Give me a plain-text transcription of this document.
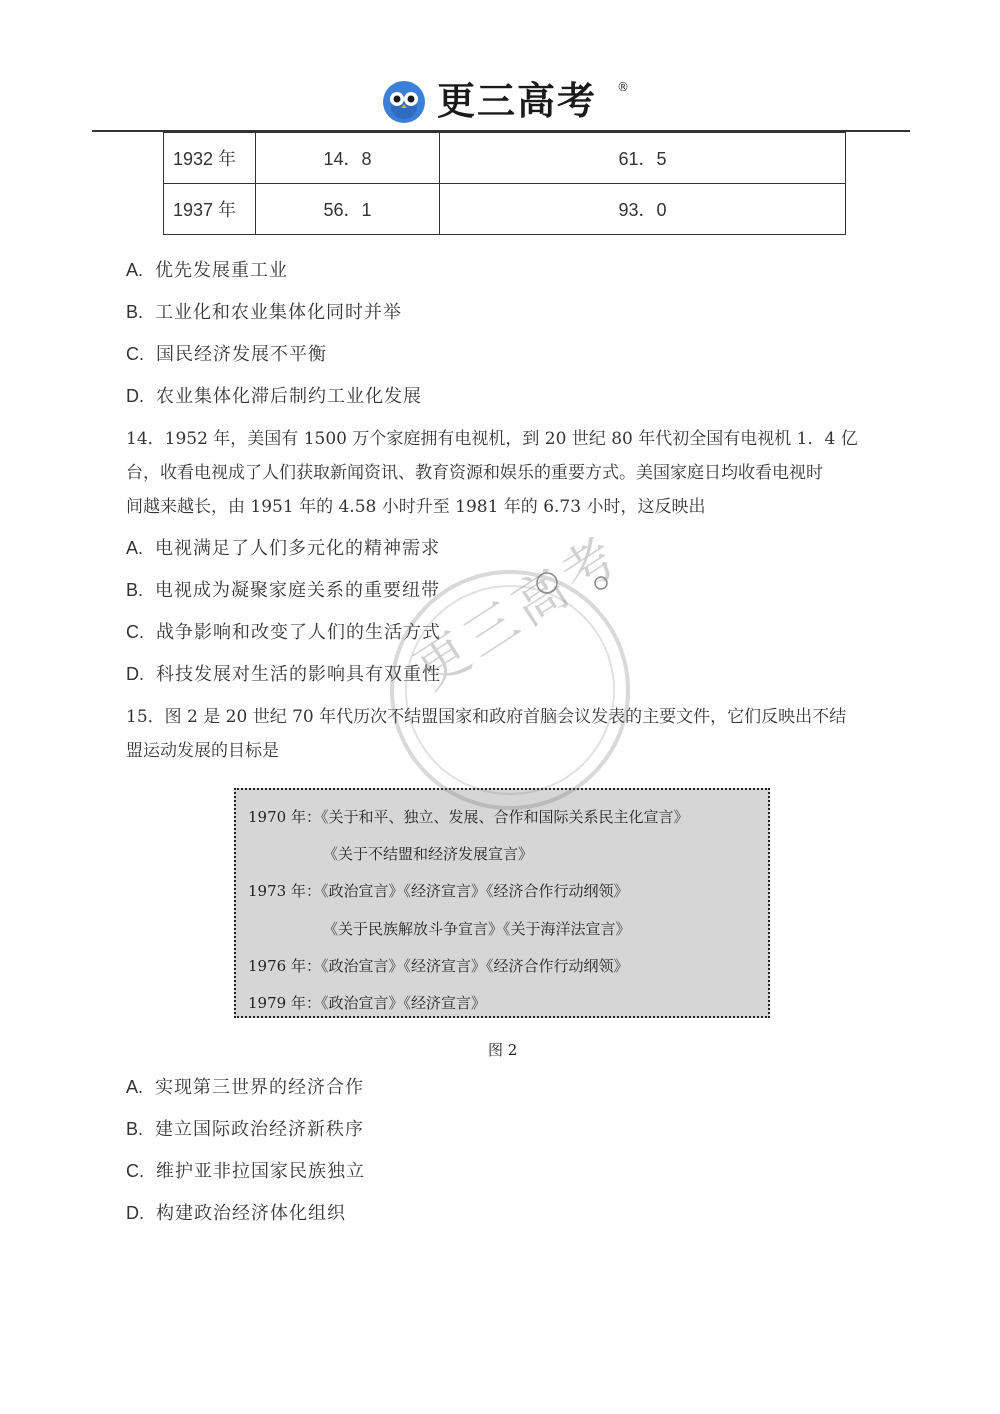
更三高考 ®
1932 年	14．8	61．5
1937 年	56．1	93．0
A. 优先发展重工业
B. 工业化和农业集体化同时并举
C. 国民经济发展不平衡
D. 农业集体化滞后制约工业化发展
14．1952 年，美国有 1500 万个家庭拥有电视机，到 20 世纪 80 年代初全国有电视机 1．4 亿
台，收看电视成了人们获取新闻资讯、教育资源和娱乐的重要方式。美国家庭日均收看电视时
间越来越长，由 1951 年的 4.58 小时升至 1981 年的 6.73 小时，这反映出
A. 电视满足了人们多元化的精神需求
B. 电视成为凝聚家庭关系的重要纽带
C. 战争影响和改变了人们的生活方式
D. 科技发展对生活的影响具有双重性
15．图 2 是 20 世纪 70 年代历次不结盟国家和政府首脑会议发表的主要文件，它们反映出不结
盟运动发展的目标是
1970 年：《关于和平、独立、发展、合作和国际关系民主化宣言》
《关于不结盟和经济发展宣言》
1973 年：《政治宣言》《经济宣言》《经济合作行动纲领》
《关于民族解放斗争宣言》《关于海洋法宣言》
1976 年：《政治宣言》《经济宣言》《经济合作行动纲领》
1979 年：《政治宣言》《经济宣言》
图 2
A. 实现第三世界的经济合作
B. 建立国际政治经济新秩序
C. 维护亚非拉国家民族独立
D. 构建政治经济体化组织
更三高考
